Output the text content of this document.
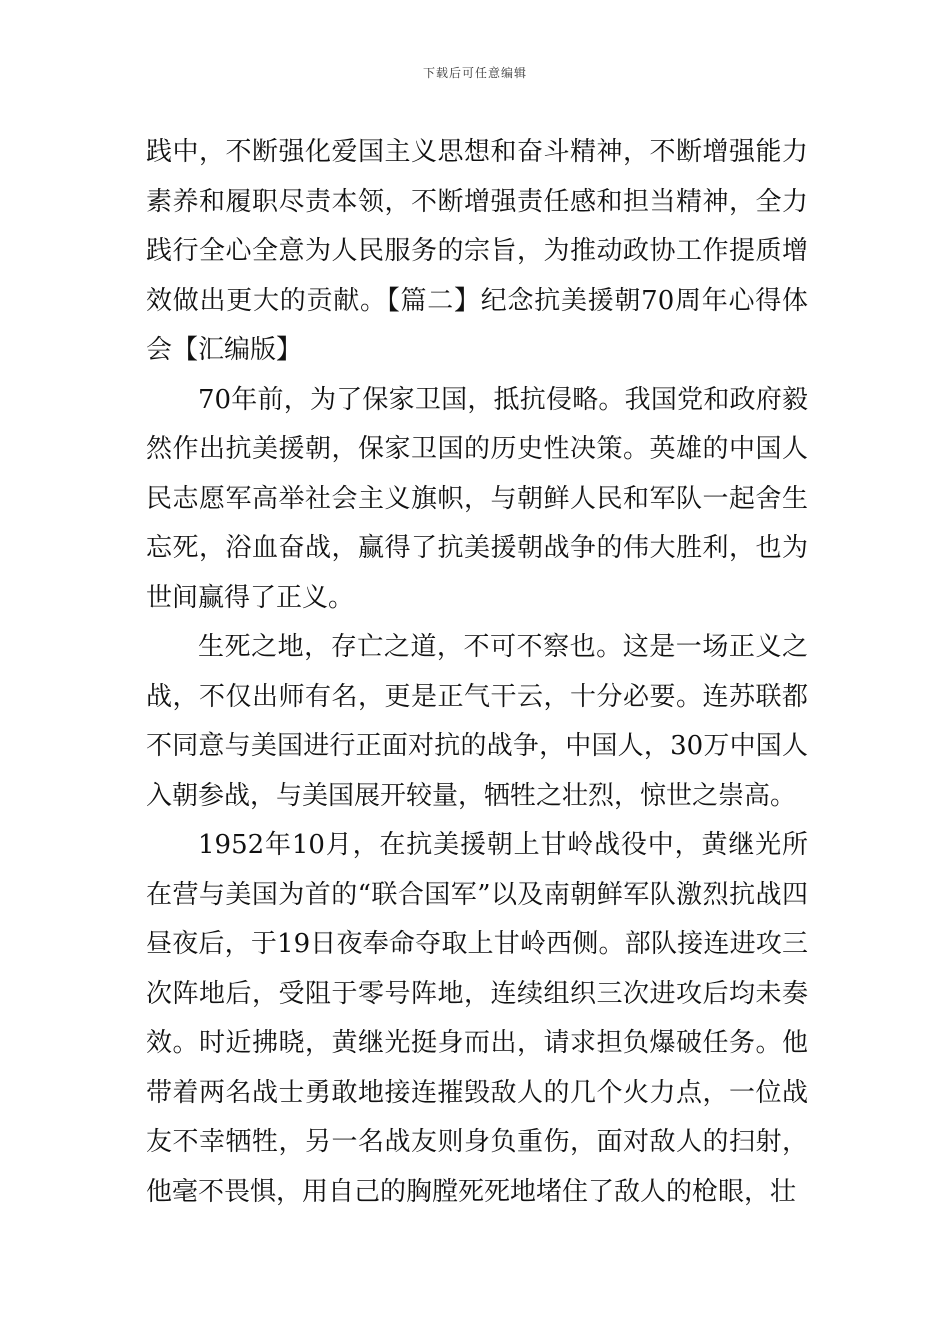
下载后可任意编辑

践中，不断强化爱国主义思想和奋斗精神，不断增强能力素养和履职尽责本领，不断增强责任感和担当精神，全力践行全心全意为人民服务的宗旨，为推动政协工作提质增效做出更大的贡献。【篇二】纪念抗美援朝70周年心得体会【汇编版】

70年前，为了保家卫国，抵抗侵略。我国党和政府毅然作出抗美援朝，保家卫国的历史性决策。英雄的中国人民志愿军高举社会主义旗帜，与朝鲜人民和军队一起舍生忘死，浴血奋战，赢得了抗美援朝战争的伟大胜利，也为世间赢得了正义。

生死之地，存亡之道，不可不察也。这是一场正义之战，不仅出师有名，更是正气干云，十分必要。连苏联都不同意与美国进行正面对抗的战争，中国人，30万中国人入朝参战，与美国展开较量，牺牲之壮烈，惊世之崇高。

1952年10月，在抗美援朝上甘岭战役中，黄继光所在营与美国为首的“联合国军”以及南朝鲜军队激烈抗战四昼夜后，于19日夜奉命夺取上甘岭西侧。部队接连进攻三次阵地后，受阻于零号阵地，连续组织三次进攻后均未奏效。时近拂晓，黄继光挺身而出，请求担负爆破任务。他带着两名战士勇敢地接连摧毁敌人的几个火力点，一位战友不幸牺牲，另一名战友则身负重伤，面对敌人的扫射，他毫不畏惧，用自己的胸膛死死地堵住了敌人的枪眼，壮
